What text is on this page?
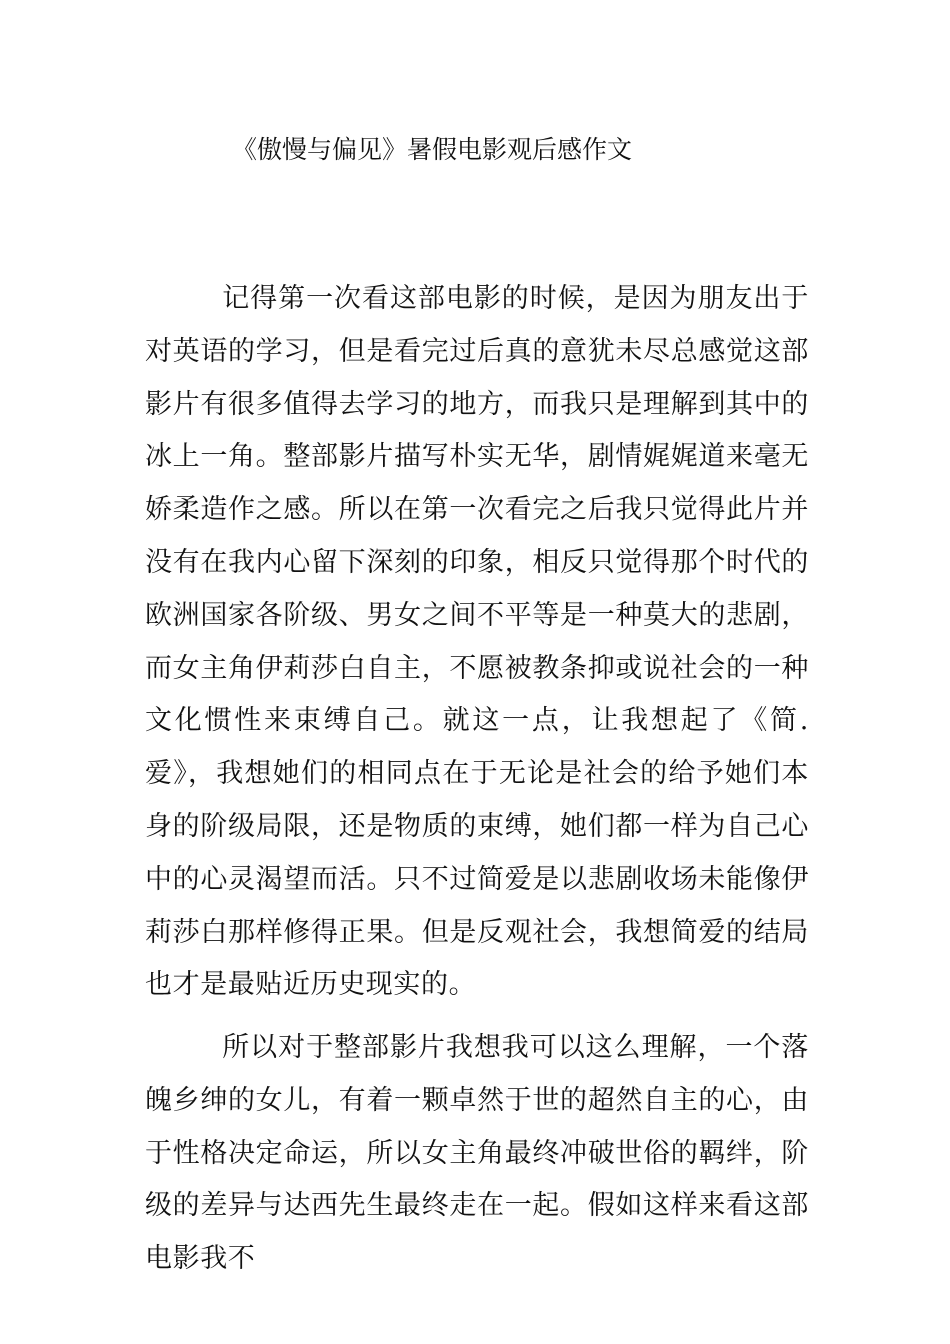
《傲慢与偏见》暑假电影观后感作文

记得第一次看这部电影的时候，是因为朋友出于对英语的学习，但是看完过后真的意犹未尽总感觉这部影片有很多值得去学习的地方，而我只是理解到其中的冰上一角。整部影片描写朴实无华，剧情娓娓道来毫无娇柔造作之感。所以在第一次看完之后我只觉得此片并没有在我内心留下深刻的印象，相反只觉得那个时代的欧洲国家各阶级、男女之间不平等是一种莫大的悲剧，而女主角伊莉莎白自主，不愿被教条抑或说社会的一种文化惯性来束缚自己。就这一点，让我想起了《简.爱》，我想她们的相同点在于无论是社会的给予她们本身的阶级局限，还是物质的束缚，她们都一样为自己心中的心灵渴望而活。只不过简爱是以悲剧收场未能像伊莉莎白那样修得正果。但是反观社会，我想简爱的结局也才是最贴近历史现实的。

所以对于整部影片我想我可以这么理解，一个落魄乡绅的女儿，有着一颗卓然于世的超然自主的心，由于性格决定命运，所以女主角最终冲破世俗的羁绊，阶级的差异与达西先生最终走在一起。假如这样来看这部电影我不
